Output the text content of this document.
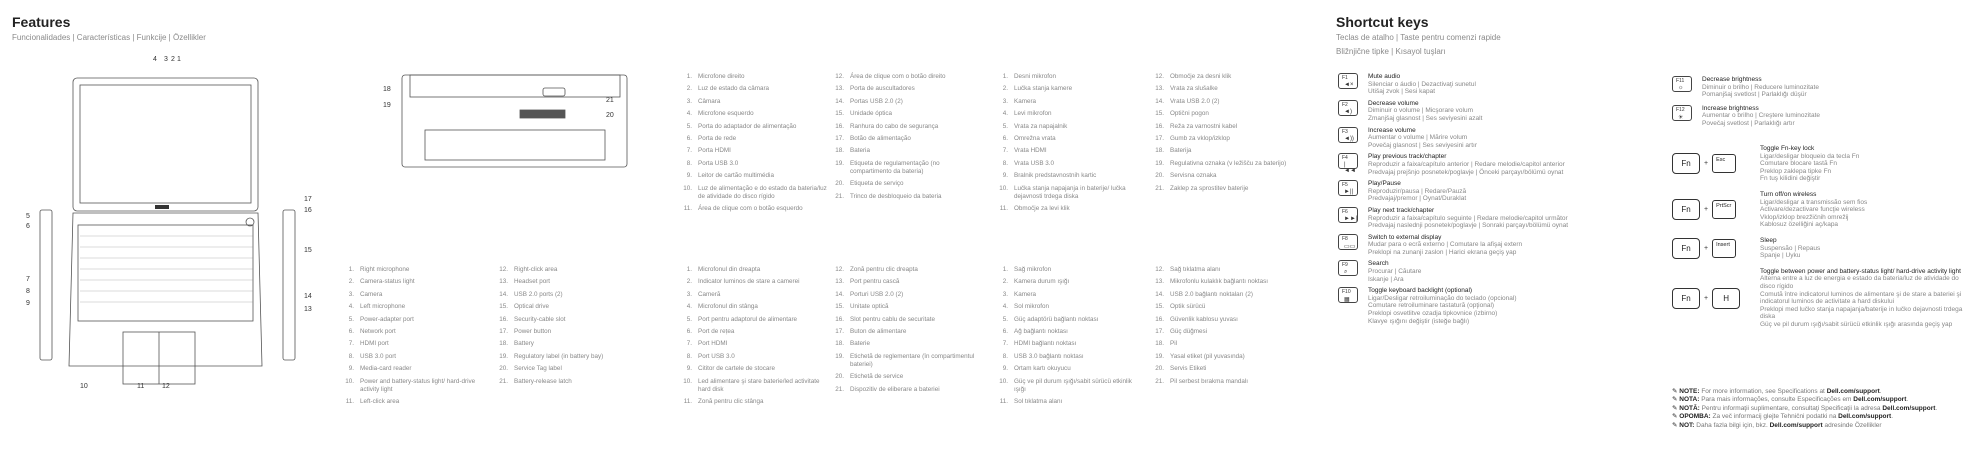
Features
Funcionalidades | Características | Funkcije | Özellikler
Shortcut keys
Teclas de atalho | Taste pentru comenzi rapide
Bližnjične tipke | Kısayol tuşları
4 3 2 1
5
6
7
8
9
10	11	12
17
16
15
14
13
18
19
21
20
1. Microfone direito
2. Luz de estado da câmara
3. Câmara
4. Microfone esquerdo
5. Porta do adaptador de alimentação
6. Porta de rede
7. Porta HDMI
8. Porta USB 3.0
9. Leitor de cartão multimédia
10. Luz de alimentação e do estado da bateria/luz de atividade do disco rígido
11. Área de clique com o botão esquerdo
12. Área de clique com o botão direito
13. Porta de auscultadores
14. Portas USB 2.0 (2)
15. Unidade óptica
16. Ranhura do cabo de segurança
17. Botão de alimentação
18. Bateria
19. Etiqueta de regulamentação (no compartimento da bateria)
20. Etiqueta de serviço
21. Trinco de desbloqueio da bateria
1. Desni mikrofon
2. Lučka stanja kamere
3. Kamera
4. Levi mikrofon
5. Vrata za napajalnik
6. Omrežna vrata
7. Vrata HDMI
8. Vrata USB 3.0
9. Bralnik predstavnostnih kartic
10. Lučka stanja napajanja in baterije/ lučka dejavnosti trdega diska
11. Območje za levi klik
12. Območje za desni klik
13. Vrata za slušalke
14. Vrata USB 2.0 (2)
15. Optični pogon
16. Reža za varnostni kabel
17. Gumb za vklop/izklop
18. Baterija
19. Regulativna oznaka (v ležišču za baterijo)
20. Servisna oznaka
21. Zaklep za sprostitev baterije
1. Right microphone
2. Camera-status light
3. Camera
4. Left microphone
5. Power-adapter port
6. Network port
7. HDMI port
8. USB 3.0 port
9. Media-card reader
10. Power and battery-status light/ hard-drive activity light
11. Left-click area
12. Right-click area
13. Headset port
14. USB 2.0 ports (2)
15. Optical drive
16. Security-cable slot
17. Power button
18. Battery
19. Regulatory label (in battery bay)
20. Service Tag label
21. Battery-release latch
1. Microfonul din dreapta
2. Indicator luminos de stare a camerei
3. Cameră
4. Microfonul din stânga
5. Port pentru adaptorul de alimentare
6. Port de rețea
7. Port HDMI
8. Port USB 3.0
9. Cititor de cartele de stocare
10. Led alimentare şi stare baterie/led activitate hard disk
11. Zonă pentru clic stânga
12. Zonă pentru clic dreapta
13. Port pentru cască
14. Porturi USB 2.0 (2)
15. Unitate optică
16. Slot pentru cablu de securitate
17. Buton de alimentare
18. Baterie
19. Etichetă de reglementare (în compartimentul bateriei)
20. Etichetă de service
21. Dispozitiv de eliberare a bateriei
1. Sağ mikrofon
2. Kamera durum ışığı
3. Kamera
4. Sol mikrofon
5. Güç adaptörü bağlantı noktası
6. Ağ bağlantı noktası
7. HDMI bağlantı noktası
8. USB 3.0 bağlantı noktası
9. Ortam kartı okuyucu
10. Güç ve pil durum ışığı/sabit sürücü etkinlik ışığı
11. Sol tıklatma alanı
12. Sağ tıklatma alanı
13. Mikrofonlu kulaklık bağlantı noktası
14. USB 2.0 bağlantı noktaları (2)
15. Optik sürücü
16. Güvenlik kablosu yuvası
17. Güç düğmesi
18. Pil
19. Yasal etiket (pil yuvasında)
20. Servis Etiketi
21. Pil serbest bırakma mandalı
F1
◄×
Mute audio
Silenciar o áudio | Dezactivaţi sunetul
Utišaj zvok | Sesi kapat
F2
◄)
Decrease volume
Diminuir o volume | Micşorare volum
Zmanjšaj glasnost | Ses seviyesini azalt
F3
◄))
Increase volume
Aumentar o volume | Mărire volum
Povečaj glasnost | Ses seviyesini artır
F4
|◄◄
Play previous track/chapter
Reproduzir a faixa/capítulo anterior | Redare melodie/capitol anterior
Predvajaj prejšnjo posnetek/poglavje | Önceki parçayı/bölümü oynat
F5
►||
Play/Pause
Reproduzir/pausa | Redare/Pauză
Predvajaj/premor | Oynat/Duraklat
F6
►►|
Play next track/chapter
Reproduzir a faixa/capítulo seguinte | Redare melodie/capitol următor
Predvajaj naslednji posnetek/poglavje | Sonraki parçayı/bölümü oynat
F8
▭▭
Switch to external display
Mudar para o ecrã externo | Comutare la afişaj extern
Preklopi na zunanji zaslon | Harici ekrana geçiş yap
F9
⌕
Search
Procurar | Căutare
Iskanje | Ara
F10
▦
Toggle keyboard backlight (optional)
Ligar/Desligar retroiluminação do teclado (opcional)
Comutare retroiluminare tastatură (opţional)
Preklopi osvetlitve ozadja tipkovnice (izbirno)
Klavye ışığını değiştir (isteğe bağlı)
F11
☼
Decrease brightness
Diminuir o brilho | Reducere luminozitate
Pomanjšaj svetlost | Parlaklığı düşür
F12
☀
Increase brightness
Aumentar o brilho | Creştere luminozitate
Povečaj svetlost | Parlaklığı artır
Fn	+	Esc
Toggle Fn-key lock
Ligar/desligar bloqueio da tecla Fn
Comutare blocare tastă Fn
Preklop zaklepa tipke Fn
Fn tuş kilidini değiştir
Fn	+	PrtScr
Turn off/on wireless
Ligar/desligar a transmissão sem fios
Activare/dezactivare funcţie wireless
Vklop/izklop brezžičnih omrežij
Kablosuz özelliğini aç/kapa
Fn	+	Insert
Sleep
Suspensão | Repaus
Spanje | Uyku
Fn	+	H
Toggle between power and battery-status light/ hard-drive activity light
Alterna entre a luz de energia e estado da bateria/luz de atividade do disco rígido
Comută între indicatorul luminos de alimentare şi de stare a bateriei şi indicatorul luminos de activitate a hard diskului
Preklopi med lučko stanja napajanja/baterije in lučko dejavnosti trdega diska
Güç ve pil durum ışığı/sabit sürücü etkinlik ışığı arasında geçiş yap
✎ NOTE: For more information, see Specifications at Dell.com/support.
✎ NOTA: Para mais informações, consulte Especificações em Dell.com/support.
✎ NOTĂ: Pentru informaţii suplimentare, consultaţi Specificaţii la adresa Dell.com/support.
✎ OPOMBA: Za več informacij glejte Tehnični podatki na Dell.com/support.
✎ NOT: Daha fazla bilgi için, bkz. Dell.com/support adresinde Özellikler
